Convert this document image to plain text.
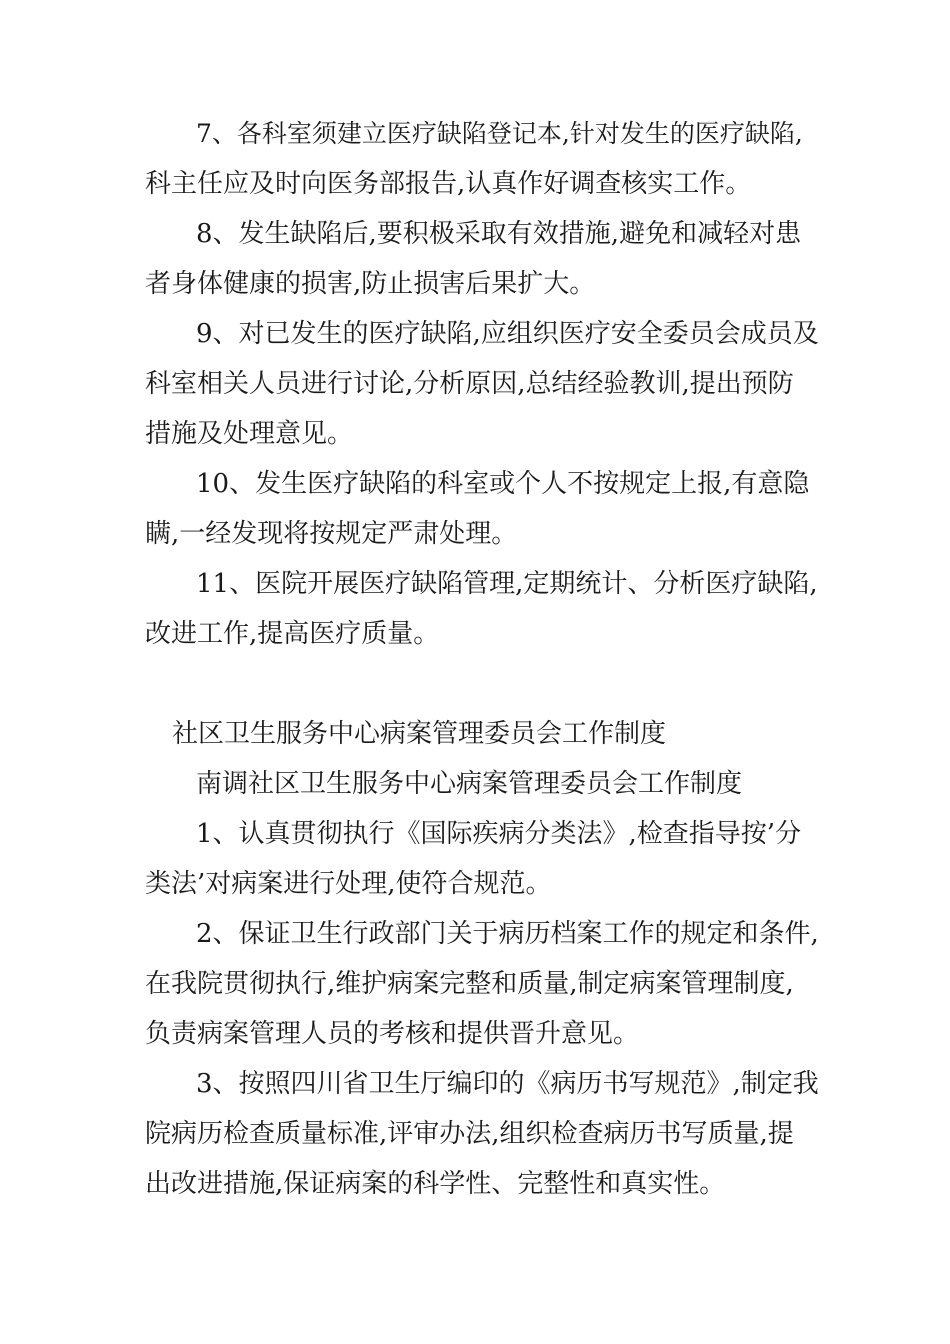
7、各科室须建立医疗缺陷登记本,针对发生的医疗缺陷,

科主任应及时向医务部报告,认真作好调查核实工作。

8、发生缺陷后,要积极采取有效措施,避免和减轻对患

者身体健康的损害,防止损害后果扩大。

9、对已发生的医疗缺陷,应组织医疗安全委员会成员及

科室相关人员进行讨论,分析原因,总结经验教训,提出预防

措施及处理意见。

10、发生医疗缺陷的科室或个人不按规定上报,有意隐

瞒,一经发现将按规定严肃处理。

11、医院开展医疗缺陷管理,定期统计、分析医疗缺陷,

改进工作,提高医疗质量。

社区卫生服务中心病案管理委员会工作制度

南调社区卫生服务中心病案管理委员会工作制度

1、认真贯彻执行《国际疾病分类法》,检查指导按’分

类法’对病案进行处理,使符合规范。

2、保证卫生行政部门关于病历档案工作的规定和条件,

在我院贯彻执行,维护病案完整和质量,制定病案管理制度,

负责病案管理人员的考核和提供晋升意见。

3、按照四川省卫生厅编印的《病历书写规范》,制定我

院病历检查质量标准,评审办法,组织检查病历书写质量,提

出改进措施,保证病案的科学性、完整性和真实性。
